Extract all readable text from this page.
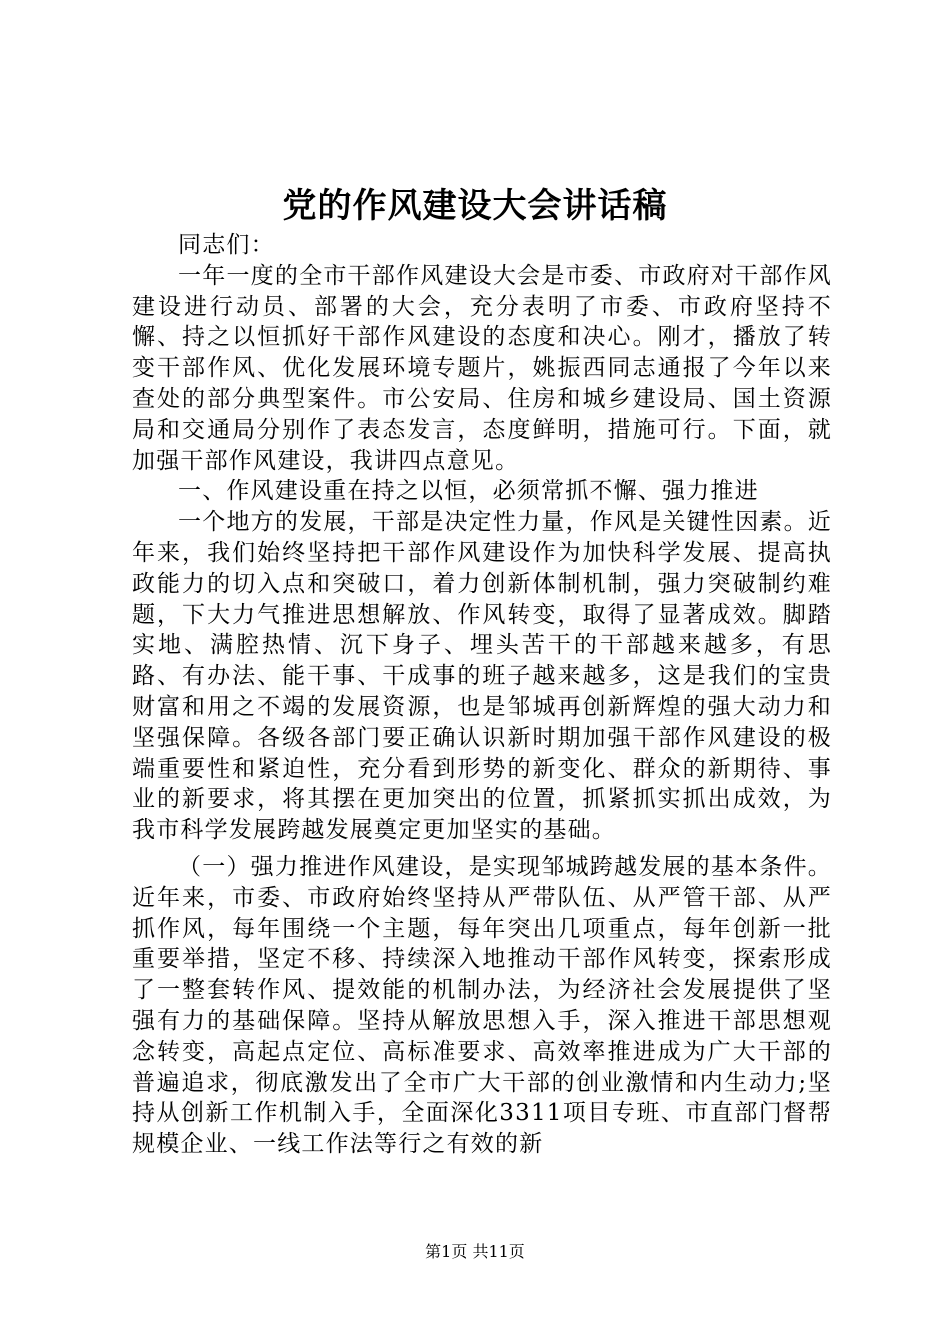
党的作风建设大会讲话稿

同志们：

一年一度的全市干部作风建设大会是市委、市政府对干部作风建设进行动员、部署的大会，充分表明了市委、市政府坚持不懈、持之以恒抓好干部作风建设的态度和决心。刚才，播放了转变干部作风、优化发展环境专题片，姚振西同志通报了今年以来查处的部分典型案件。市公安局、住房和城乡建设局、国土资源局和交通局分别作了表态发言，态度鲜明，措施可行。下面，就加强干部作风建设，我讲四点意见。

一、作风建设重在持之以恒，必须常抓不懈、强力推进

一个地方的发展，干部是决定性力量，作风是关键性因素。近年来，我们始终坚持把干部作风建设作为加快科学发展、提高执政能力的切入点和突破口，着力创新体制机制，强力突破制约难题，下大力气推进思想解放、作风转变，取得了显著成效。脚踏实地、满腔热情、沉下身子、埋头苦干的干部越来越多，有思路、有办法、能干事、干成事的班子越来越多，这是我们的宝贵财富和用之不竭的发展资源，也是邹城再创新辉煌的强大动力和坚强保障。各级各部门要正确认识新时期加强干部作风建设的极端重要性和紧迫性，充分看到形势的新变化、群众的新期待、事业的新要求，将其摆在更加突出的位置，抓紧抓实抓出成效，为我市科学发展跨越发展奠定更加坚实的基础。

（一）强力推进作风建设，是实现邹城跨越发展的基本条件。近年来，市委、市政府始终坚持从严带队伍、从严管干部、从严抓作风，每年围绕一个主题，每年突出几项重点，每年创新一批重要举措，坚定不移、持续深入地推动干部作风转变，探索形成了一整套转作风、提效能的机制办法，为经济社会发展提供了坚强有力的基础保障。坚持从解放思想入手，深入推进干部思想观念转变，高起点定位、高标准要求、高效率推进成为广大干部的普遍追求，彻底激发出了全市广大干部的创业激情和内生动力;坚持从创新工作机制入手，全面深化3311项目专班、市直部门督帮规模企业、一线工作法等行之有效的新

第1页 共11页
